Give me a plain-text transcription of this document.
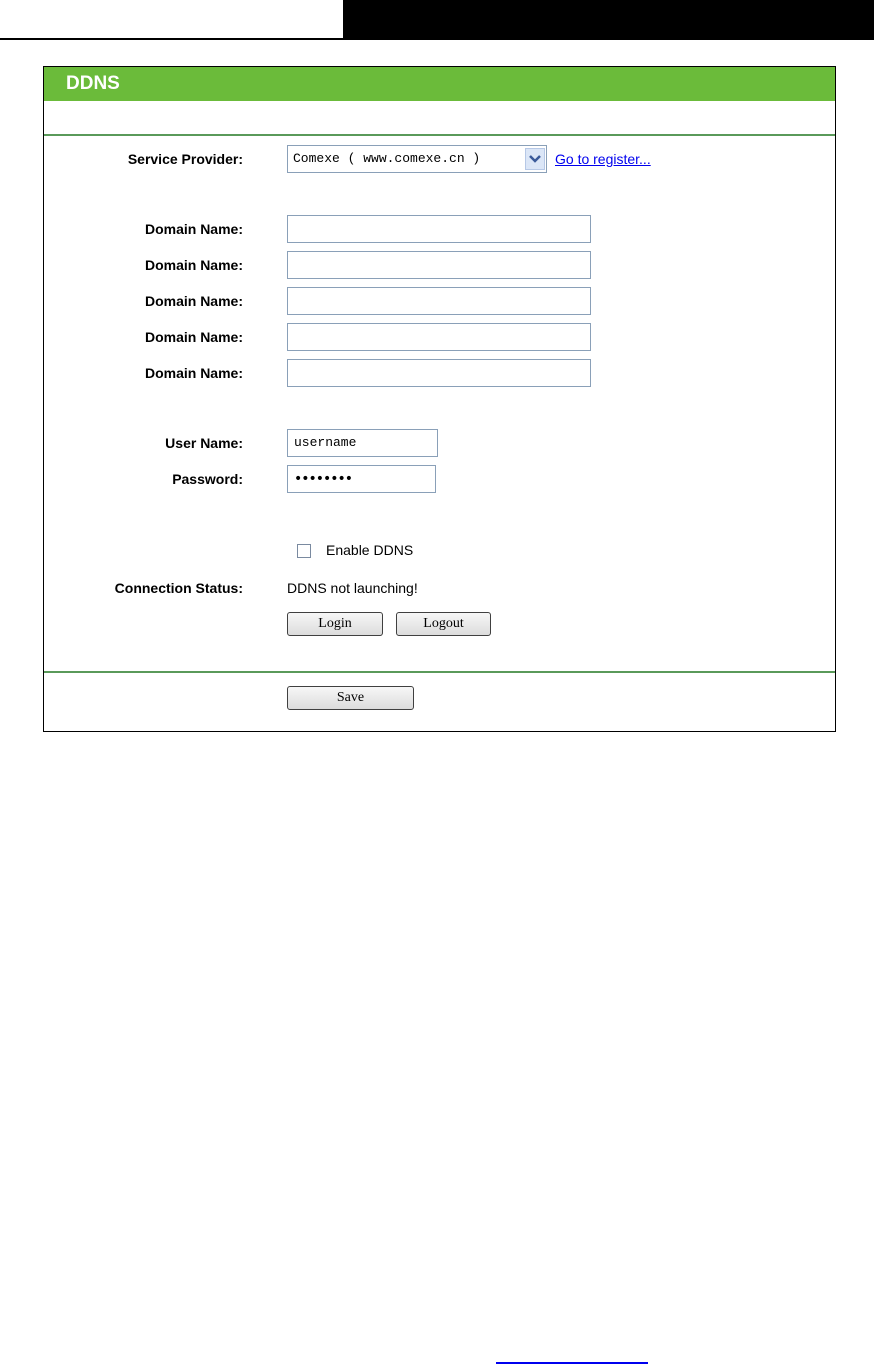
DDNS
Service Provider:	Comexe ( www.comexe.cn )	Go to register...
Domain Name:
Domain Name:
Domain Name:
Domain Name:
Domain Name:
User Name:	username
Password:	••••••••
Enable DDNS
Connection Status:	DDNS not launching!
Login	Logout
Save
